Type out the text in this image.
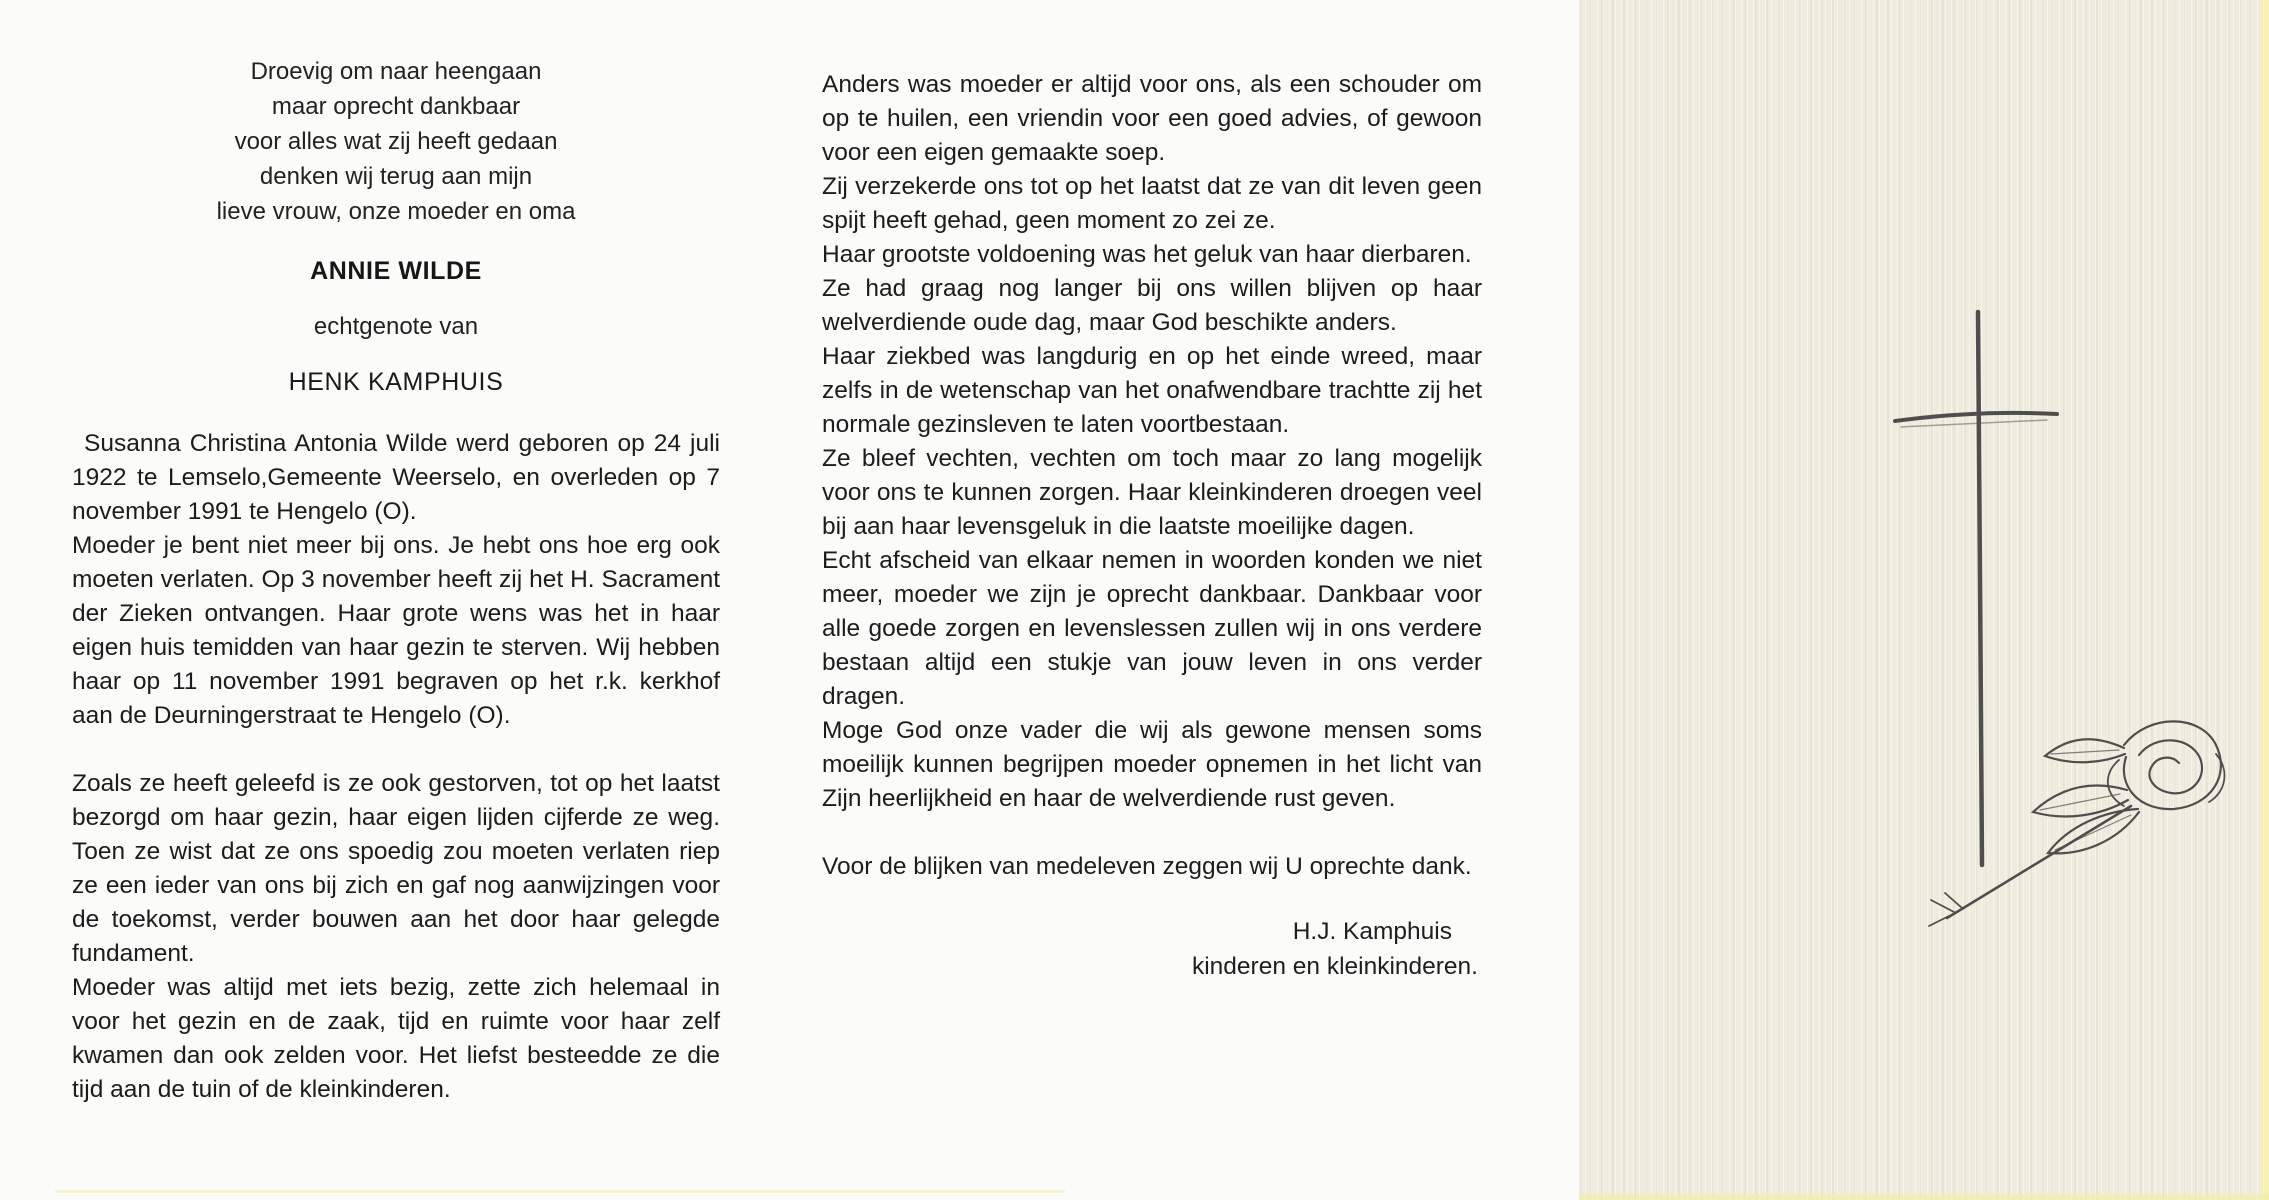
Droevig om naar heengaan
maar oprecht dankbaar
voor alles wat zij heeft gedaan
denken wij terug aan mijn
lieve vrouw, onze moeder en oma
ANNIE WILDE
echtgenote van
HENK KAMPHUIS

Susanna Christina Antonia Wilde werd geboren op 24 juli 1922 te Lemselo,Gemeente Weerselo, en overleden op 7 november 1991 te Hengelo (O).

Moeder je bent niet meer bij ons. Je hebt ons hoe erg ook moeten verlaten. Op 3 november heeft zij het H. Sacrament der Zieken ontvangen. Haar grote wens was het in haar eigen huis temidden van haar gezin te sterven. Wij hebben haar op 11 november 1991 begraven op het r.k. kerkhof aan de Deurningerstraat te Hengelo (O).

Zoals ze heeft geleefd is ze ook gestorven, tot op het laatst bezorgd om haar gezin, haar eigen lijden cijferde ze weg. Toen ze wist dat ze ons spoedig zou moeten verlaten riep ze een ieder van ons bij zich en gaf nog aanwijzingen voor de toekomst, verder bouwen aan het door haar gelegde fundament.

Moeder was altijd met iets bezig, zette zich helemaal in voor het gezin en de zaak, tijd en ruimte voor haar zelf kwamen dan ook zelden voor. Het liefst besteedde ze die tijd aan de tuin of de kleinkinderen.

Anders was moeder er altijd voor ons, als een schouder om op te huilen, een vriendin voor een goed advies, of gewoon voor een eigen gemaakte soep.

Zij verzekerde ons tot op het laatst dat ze van dit leven geen spijt heeft gehad, geen moment zo zei ze.

Haar grootste voldoening was het geluk van haar dierbaren.

Ze had graag nog langer bij ons willen blijven op haar welverdiende oude dag, maar God beschikte anders.

Haar ziekbed was langdurig en op het einde wreed, maar zelfs in de wetenschap van het onafwendbare trachtte zij het normale gezinsleven te laten voortbestaan.

Ze bleef vechten, vechten om toch maar zo lang mogelijk voor ons te kunnen zorgen. Haar kleinkinderen droegen veel bij aan haar levensgeluk in die laatste moeilijke dagen.

Echt afscheid van elkaar nemen in woorden konden we niet meer, moeder we zijn je oprecht dankbaar. Dankbaar voor alle goede zorgen en levenslessen zullen wij in ons verdere bestaan altijd een stukje van jouw leven in ons verder dragen.

Moge God onze vader die wij als gewone mensen soms moeilijk kunnen begrijpen moeder opnemen in het licht van Zijn heerlijkheid en haar de welverdiende rust geven.

Voor de blijken van medeleven zeggen wij U oprechte dank.
H.J. Kamphuis
kinderen en kleinkinderen.
